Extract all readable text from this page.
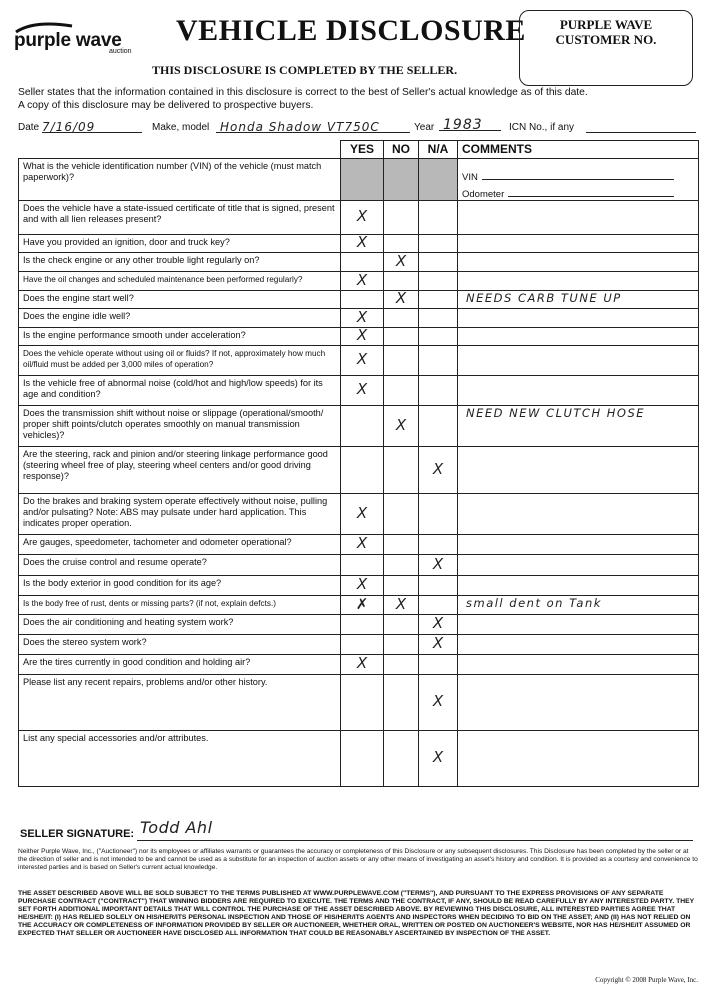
purple wave
auction
VEHICLE DISCLOSURE
THIS DISCLOSURE IS COMPLETED BY THE SELLER.
PURPLE WAVE
CUSTOMER NO.
Seller states that the information contained in this disclosure is correct to the best of Seller's actual knowledge as of this date.
A copy of this disclosure may be delivered to prospective buyers.
Date 7/16/09	Make, model Honda Shadow VT750C	Year 1983	ICN No., if any
	YES	NO	N/A	COMMENTS
What is the vehicle identification number (VIN) of the vehicle (must match paperwork)?				VIN
Odometer

Does the vehicle have a state-issued certificate of title that is signed, present and with all lien releases present?	X			
Have you provided an ignition, door and truck key?	X			
Is the check engine or any other trouble light regularly on?		X		
Have the oil changes and scheduled maintenance been performed regularly?	X			
Does the engine start well?		X		NEEDS CARB TUNE UP

Does the engine idle well?	X			
Is the engine performance smooth under acceleration?	X			
Does the vehicle operate without using oil or fluids? If not, approximately how much oil/fluid must be added per 3,000 miles of operation?	X			
Is the vehicle free of abnormal noise (cold/hot and high/low speeds) for its age and condition?	X			
Does the transmission shift without noise or slippage (operational/smooth/ proper shift points/clutch operates smoothly on manual transmission vehicles)?		X		NEED NEW CLUTCH HOSE

Are the steering, rack and pinion and/or steering linkage performance good (steering wheel free of play, steering wheel centers and/or good driving response)?			X	
Do the brakes and braking system operate effectively without noise, pulling and/or pulsating? Note: ABS may pulsate under hard application. This indicates proper operation.	X			
Are gauges, speedometer, tachometer and odometer operational?	X			
Does the cruise control and resume operate?			X	
Is the body exterior in good condition for its age?	X			
Is the body free of rust, dents or missing parts? (if not, explain defcts.)	✗	X		small dent on Tank

Does the air conditioning and heating system work?			X	
Does the stereo system work?			X	
Are the tires currently in good condition and holding air?	X			
Please list any recent repairs, problems and/or other history.			X	
List any special accessories and/or attributes.			X	
SELLER SIGNATURE: Todd Ahl
Neither Purple Wave, Inc., ("Auctioneer") nor its employees or affiliates warrants or guarantees the accuracy or completeness of this Disclosure or any subsequent disclosures. This Disclosure has been completed by the seller or at the direction of seller and is not intended to be and cannot be used as a substitute for an inspection of auction assets or any other means of investigating an asset's history and condition. It is provided as a courtesy and convenience to interested parties and is based on Seller's current actual knowledge.
THE ASSET DESCRIBED ABOVE WILL BE SOLD SUBJECT TO THE TERMS PUBLISHED AT WWW.PURPLEWAVE.COM ("TERMS"), AND PURSUANT TO THE EXPRESS PROVISIONS OF ANY SEPARATE PURCHASE CONTRACT ("CONTRACT") THAT WINNING BIDDERS ARE REQUIRED TO EXECUTE. THE TERMS AND THE CONTRACT, IF ANY, SHOULD BE READ CAREFULLY BY ANY INTERESTED PARTY. THEY SET FORTH ADDITIONAL IMPORTANT DETAILS THAT WILL CONTROL THE PURCHASE OF THE ASSET DESCRIBED ABOVE. BY REVIEWING THIS DISCLOSURE, ALL INTERESTED PARTIES AGREE THAT HE/SHE/IT: (I) HAS RELIED SOLELY ON HIS/HER/ITS PERSONAL INSPECTION AND THOSE OF HIS/HER/ITS AGENTS AND INSPECTORS WHEN DECIDING TO BID ON THE ASSET; AND (II) HAS NOT RELIED ON THE ACCURACY OR COMPLETENESS OF INFORMATION PROVIDED BY SELLER OR AUCTIONEER, WHETHER ORAL, WRITTEN OR POSTED ON AUCTIONEER'S WEBSITE, NOR HAS HE/SHE/IT ASSUMED OR EXPECTED THAT SELLER OR AUCTIONEER HAVE DISCLOSED ALL INFORMATION THAT COULD BE REASONABLY ASCERTAINED BY INSPECTION OF THE ASSET.
Copyright © 2008 Purple Wave, Inc.
